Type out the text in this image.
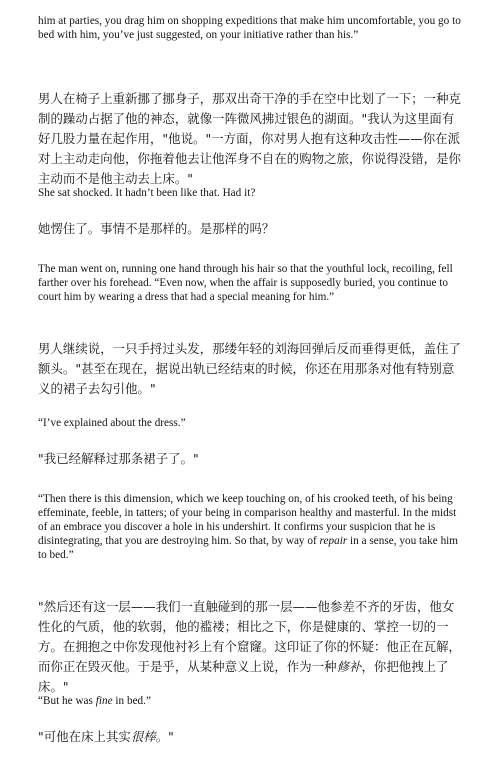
him at parties, you drag him on shopping expeditions that make him uncomfortable, you go to bed with him, you’ve just suggested, on your initiative rather than his.”

男人在椅子上重新挪了挪身子，那双出奇干净的手在空中比划了一下；一种克制的躁动占据了他的神态，就像一阵微风拂过银色的湖面。"我认为这里面有好几股力量在起作用，"他说。"一方面，你对男人抱有这种攻击性——你在派对上主动走向他，你拖着他去让他浑身不自在的购物之旅，你说得没错，是你主动而不是他主动去上床。"

She sat shocked. It hadn’t been like that. Had it?

她愣住了。事情不是那样的。是那样的吗？

The man went on, running one hand through his hair so that the youthful lock, recoiling, fell farther over his forehead. “Even now, when the affair is supposedly buried, you continue to court him by wearing a dress that had a special meaning for him.”

男人继续说，一只手捋过头发，那缕年轻的刘海回弹后反而垂得更低，盖住了额头。"甚至在现在，据说出轨已经结束的时候，你还在用那条对他有特别意义的裙子去勾引他。"

“I’ve explained about the dress.”

"我已经解释过那条裙子了。"

“Then there is this dimension, which we keep touching on, of his crooked teeth, of his being effeminate, feeble, in tatters; of your being in comparison healthy and masterful. In the midst of an embrace you discover a hole in his undershirt. It confirms your suspicion that he is disintegrating, that you are destroying him. So that, by way of repair in a sense, you take him to bed.”

"然后还有这一层——我们一直触碰到的那一层——他参差不齐的牙齿，他女性化的气质，他的软弱，他的褴褛；相比之下，你是健康的、掌控一切的一方。在拥抱之中你发现他衬衫上有个窟窿。这印证了你的怀疑：他正在瓦解，而你正在毁灭他。于是乎，从某种意义上说，作为一种修补，你把他拽上了床。"

“But he was fine in bed.”

"可他在床上其实很棒。"
